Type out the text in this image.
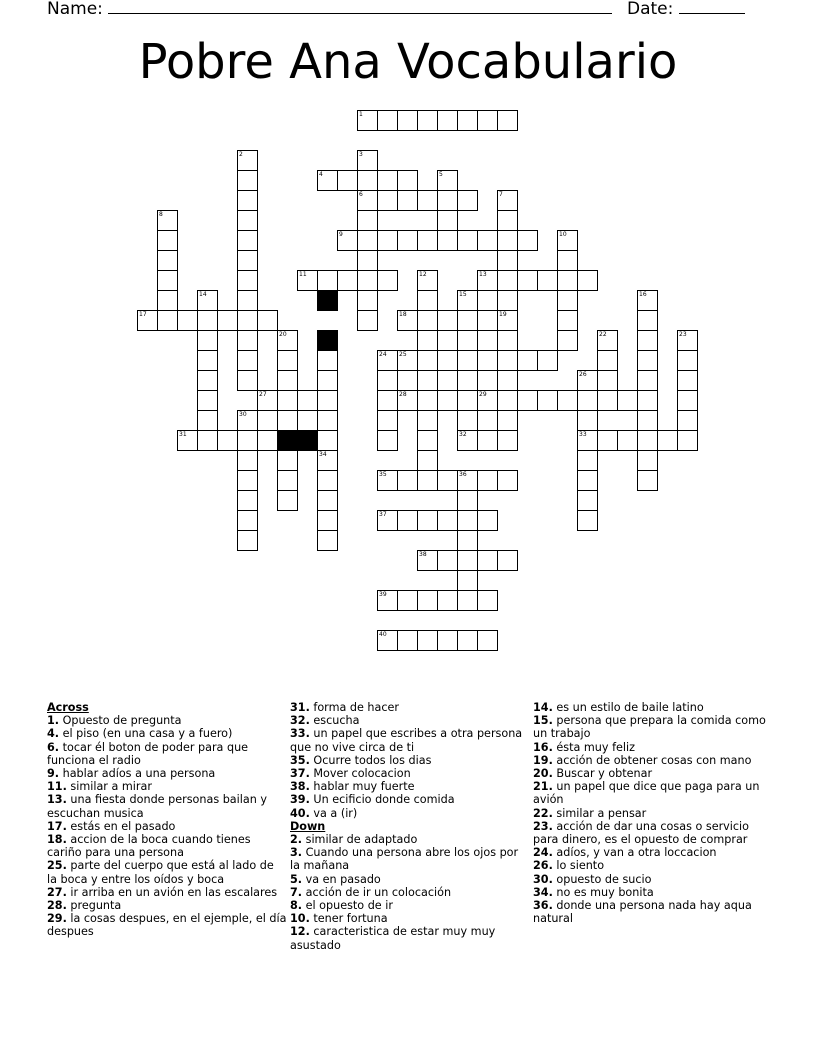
Name:	Date:
Pobre Ana Vocabulario
1
2	3
6
4	5
7
8
9	10
11	12	13
14	15	16
17	18	19
20	22	23
24 25
26
33
27	28	29
30
31	32
34
35	36
37
38
39
40
Across
1. Opuesto de pregunta
4. el piso (en una casa y a fuero)
6. tocar él boton de poder para que funciona el radio
9. hablar adíos a una persona
11. similar a mirar
13. una fiesta donde personas bailan y escuchan musica
17. estás en el pasado
18. accion de la boca cuando tienes cariño para una persona
25. parte del cuerpo que está al lado de la boca y entre los oídos y boca
27. ir arriba en un avión en las escalares
28. pregunta
29. la cosas despues, en el ejemple, el día despues
31. forma de hacer
32. escucha
33. un papel que escribes a otra persona que no vive circa de ti
35. Ocurre todos los dias
37. Mover colocacion
38. hablar muy fuerte
39. Un ecificio donde comida
40. va a (ir)
Down
2. similar de adaptado
3. Cuando una persona abre los ojos por la mañana
5. va en pasado
7. acción de ir un colocación
8. el opuesto de ir
10. tener fortuna
12. caracteristica de estar muy muy asustado
14. es un estilo de baile latino
15. persona que prepara la comida como un trabajo
16. ésta muy feliz
19. acción de obtener cosas con mano
20. Buscar y obtenar
21. un papel que dice que paga para un avión
22. similar a pensar
23. acción de dar una cosas o servicio para dinero, es el opuesto de comprar
24. adíos, y van a otra loccacion
26. lo siento
30. opuesto de sucio
34. no es muy bonita
36. donde una persona nada hay aqua natural
